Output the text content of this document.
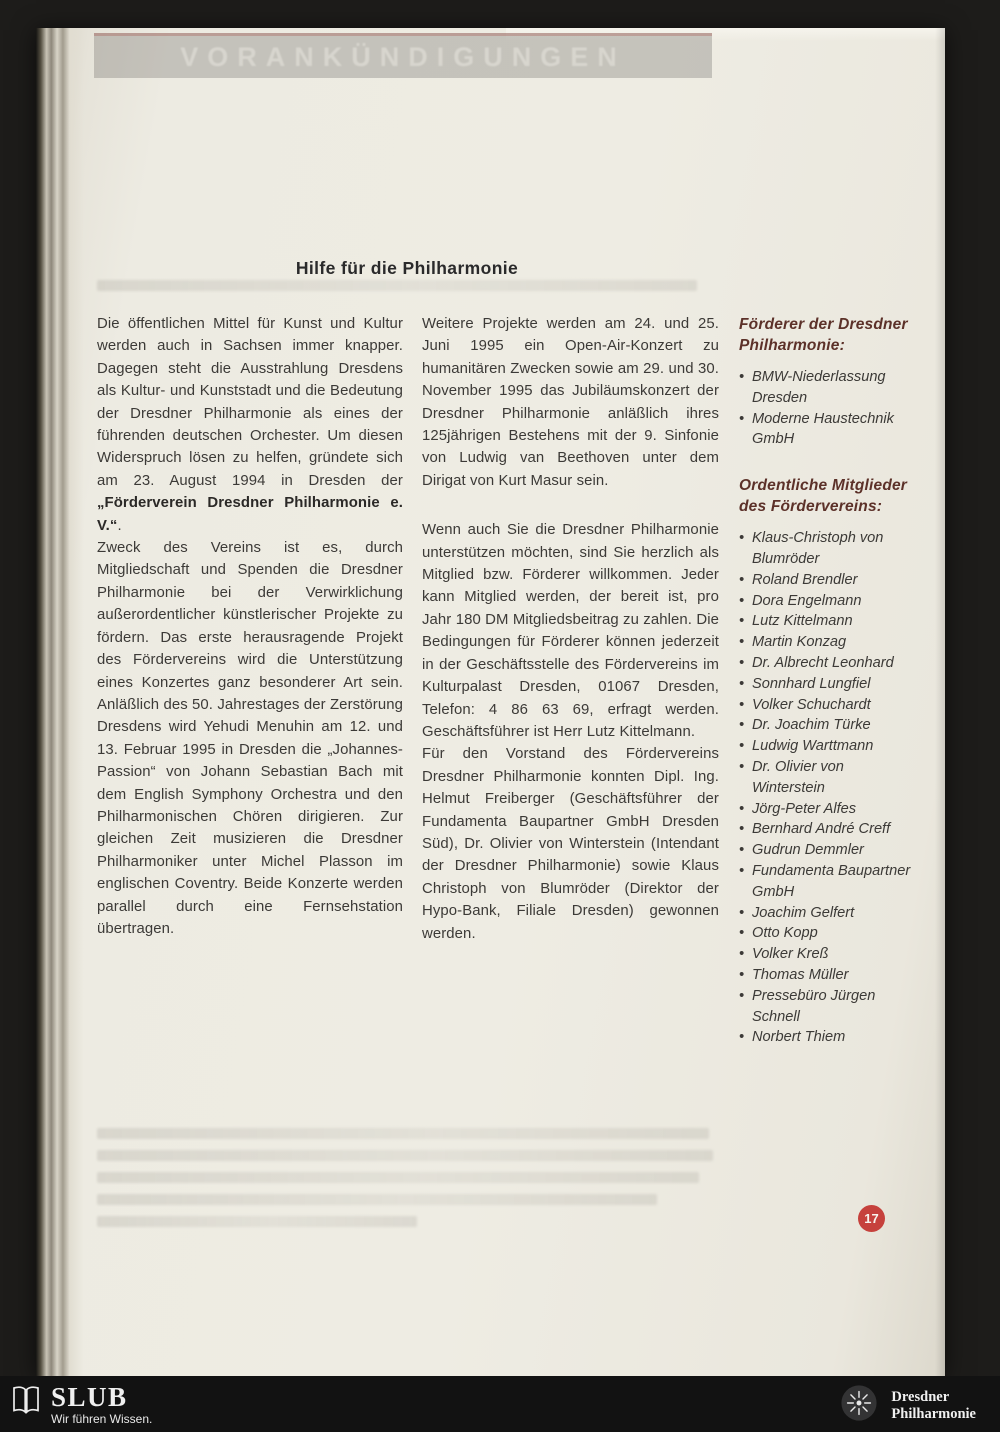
VORANKÜNDIGUNGEN
Hilfe für die Philharmonie

Die öffentlichen Mittel für Kunst und Kultur werden auch in Sachsen immer knapper. Dagegen steht die Ausstrahlung Dresdens als Kultur- und Kunststadt und die Bedeutung der Dresdner Philharmonie als eines der führenden deutschen Orchester. Um diesen Widerspruch lösen zu helfen, gründete sich am 23. August 1994 in Dresden der „Förderverein Dresdner Philharmonie e. V.“.

Zweck des Vereins ist es, durch Mitgliedschaft und Spenden die Dresdner Philharmonie bei der Verwirklichung außerordentlicher künstlerischer Projekte zu fördern. Das erste herausragende Projekt des Fördervereins wird die Unterstützung eines Konzertes ganz besonderer Art sein. Anläßlich des 50. Jahrestages der Zerstörung Dresdens wird Yehudi Menuhin am 12. und 13. Februar 1995 in Dresden die „Johannes-Passion“ von Johann Sebastian Bach mit dem English Symphony Orchestra und den Philharmonischen Chören dirigieren. Zur gleichen Zeit musizieren die Dresdner Philharmoniker unter Michel Plasson im englischen Coventry. Beide Konzerte werden parallel durch eine Fernsehstation übertragen.

Weitere Projekte werden am 24. und 25. Juni 1995 ein Open-Air-Konzert zu humanitären Zwecken sowie am 29. und 30. November 1995 das Jubiläumskonzert der Dresdner Philharmonie anläßlich ihres 125jährigen Bestehens mit der 9. Sinfonie von Ludwig van Beethoven unter dem Dirigat von Kurt Masur sein.

Wenn auch Sie die Dresdner Philharmonie unterstützen möchten, sind Sie herzlich als Mitglied bzw. Förderer willkommen. Jeder kann Mitglied werden, der bereit ist, pro Jahr 180 DM Mitgliedsbeitrag zu zahlen. Die Bedingungen für Förderer können jederzeit in der Geschäftsstelle des Fördervereins im Kulturpalast Dresden, 01067 Dresden, Telefon: 4 86 63 69, erfragt werden. Geschäftsführer ist Herr Lutz Kittelmann.

Für den Vorstand des Fördervereins Dresdner Philharmonie konnten Dipl. Ing. Helmut Freiberger (Geschäftsführer der Fundamenta Baupartner GmbH Dresden Süd), Dr. Olivier von Winterstein (Intendant der Dresdner Philharmonie) sowie Klaus Christoph von Blumröder (Direktor der Hypo-Bank, Filiale Dresden) gewonnen werden.

Förderer der Dresdner Philharmonie:
• BMW-Niederlassung Dresden
• Moderne Haustechnik GmbH
Ordentliche Mitglieder des Fördervereins:
• Klaus-Christoph von Blumröder
• Roland Brendler
• Dora Engelmann
• Lutz Kittelmann
• Martin Konzag
• Dr. Albrecht Leonhard
• Sonnhard Lungfiel
• Volker Schuchardt
• Dr. Joachim Türke
• Ludwig Warttmann
• Dr. Olivier von Winterstein
• Jörg-Peter Alfes
• Bernhard André Creff
• Gudrun Demmler
• Fundamenta Baupartner GmbH
• Joachim Gelfert
• Otto Kopp
• Volker Kreß
• Thomas Müller
• Pressebüro Jürgen Schnell
• Norbert Thiem
17
SLUB
Wir führen Wissen.
Dresdner
Philharmonie
